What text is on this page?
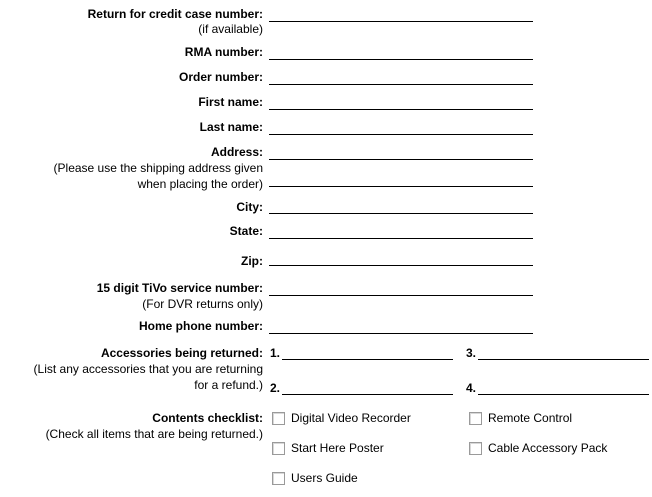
Return for credit case number:
(if available)
RMA number:
Order number:
First name:
Last name:
Address:
(Please use the shipping address given
when placing the order)
City:
State:
Zip:
15 digit TiVo service number:
(For DVR returns only)
Home phone number:
Accessories being returned:
(List any accessories that you are returning
for a refund.)
1.	3.
2.	4.
Contents checklist:
(Check all items that are being returned.)
Digital Video Recorder	Remote Control
Start Here Poster	Cable Accessory Pack
Users Guide
